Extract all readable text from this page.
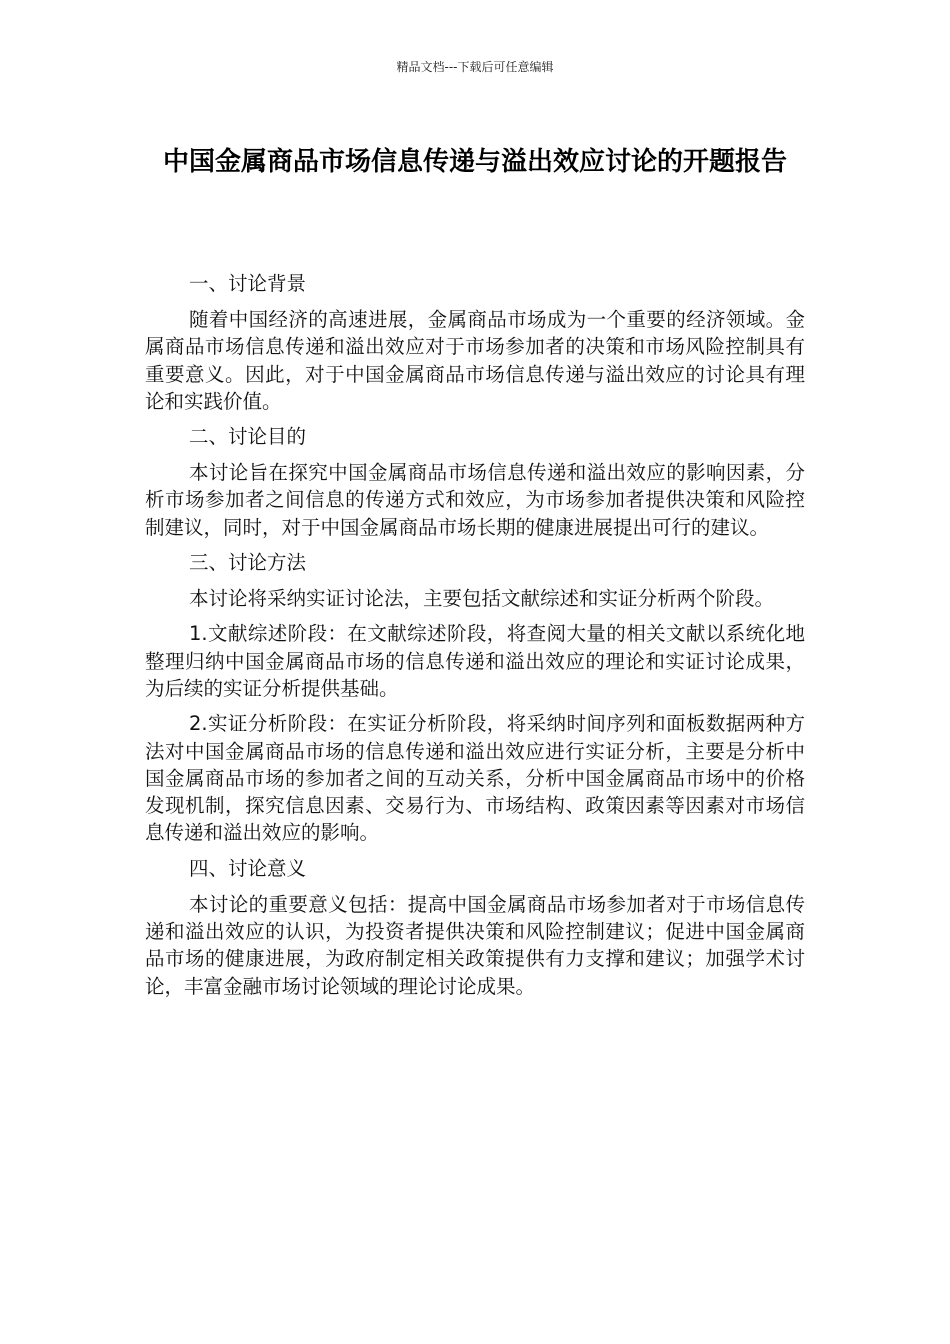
精品文档---下载后可任意编辑
中国金属商品市场信息传递与溢出效应讨论的开题报告
一、讨论背景

随着中国经济的高速进展，金属商品市场成为一个重要的经济领域。金属商品市场信息传递和溢出效应对于市场参加者的决策和市场风险控制具有重要意义。因此，对于中国金属商品市场信息传递与溢出效应的讨论具有理论和实践价值。

二、讨论目的

本讨论旨在探究中国金属商品市场信息传递和溢出效应的影响因素，分析市场参加者之间信息的传递方式和效应，为市场参加者提供决策和风险控制建议，同时，对于中国金属商品市场长期的健康进展提出可行的建议。

三、讨论方法

本讨论将采纳实证讨论法，主要包括文献综述和实证分析两个阶段。

1.文献综述阶段：在文献综述阶段，将查阅大量的相关文献以系统化地整理归纳中国金属商品市场的信息传递和溢出效应的理论和实证讨论成果，为后续的实证分析提供基础。

2.实证分析阶段：在实证分析阶段，将采纳时间序列和面板数据两种方法对中国金属商品市场的信息传递和溢出效应进行实证分析，主要是分析中国金属商品市场的参加者之间的互动关系，分析中国金属商品市场中的价格发现机制，探究信息因素、交易行为、市场结构、政策因素等因素对市场信息传递和溢出效应的影响。

四、讨论意义

本讨论的重要意义包括：提高中国金属商品市场参加者对于市场信息传递和溢出效应的认识，为投资者提供决策和风险控制建议；促进中国金属商品市场的健康进展，为政府制定相关政策提供有力支撑和建议；加强学术讨论，丰富金融市场讨论领域的理论讨论成果。
